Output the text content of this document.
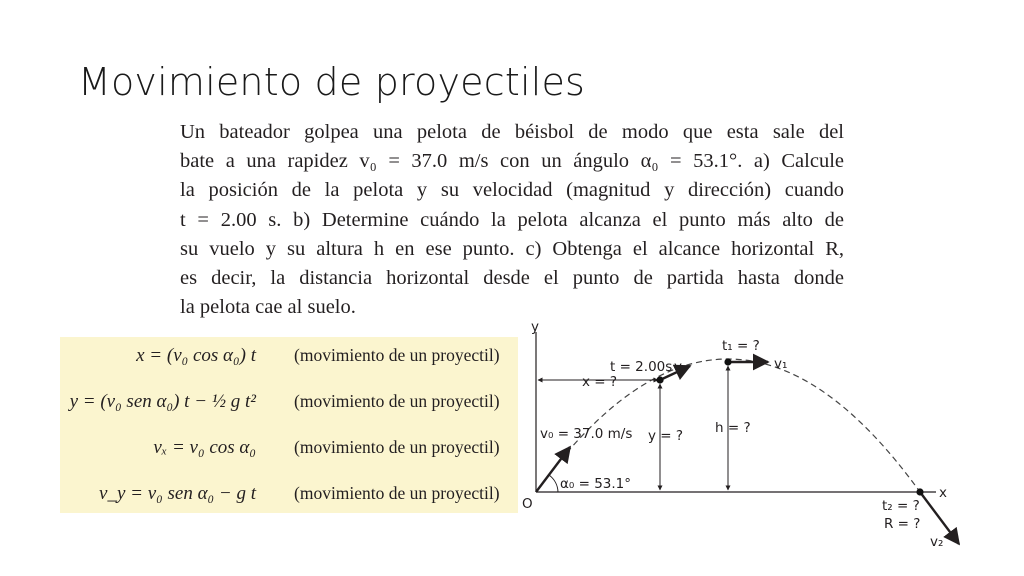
Movimiento de proyectiles
Un bateador golpea una pelota de béisbol de modo que esta sale del
bate a una rapidez v₀ = 37.0 m/s con un ángulo α₀ = 53.1°. a) Calcule
la posición de la pelota y su velocidad (magnitud y dirección) cuando
t = 2.00 s. b) Determine cuándo la pelota alcanza el punto más alto de
su vuelo y su altura h en ese punto. c) Obtenga el alcance horizontal R,
es decir, la distancia horizontal desde el punto de partida hasta donde
la pelota cae al suelo.
x = (v₀ cos α₀) t (movimiento de un proyectil)
y = (v₀ sen α₀) t − ½ g t² (movimiento de un proyectil)
vₓ = v₀ cos α₀ (movimiento de un proyectil)
v_y = v₀ sen α₀ − g t (movimiento de un proyectil)
y
x
O
t = 2.00s v
x = ?
y = ?
v₀ = 37.0 m/s
α₀ = 53.1°
t₁ = ?
v₁
h = ?
t₂ = ?
R = ?
v₂
